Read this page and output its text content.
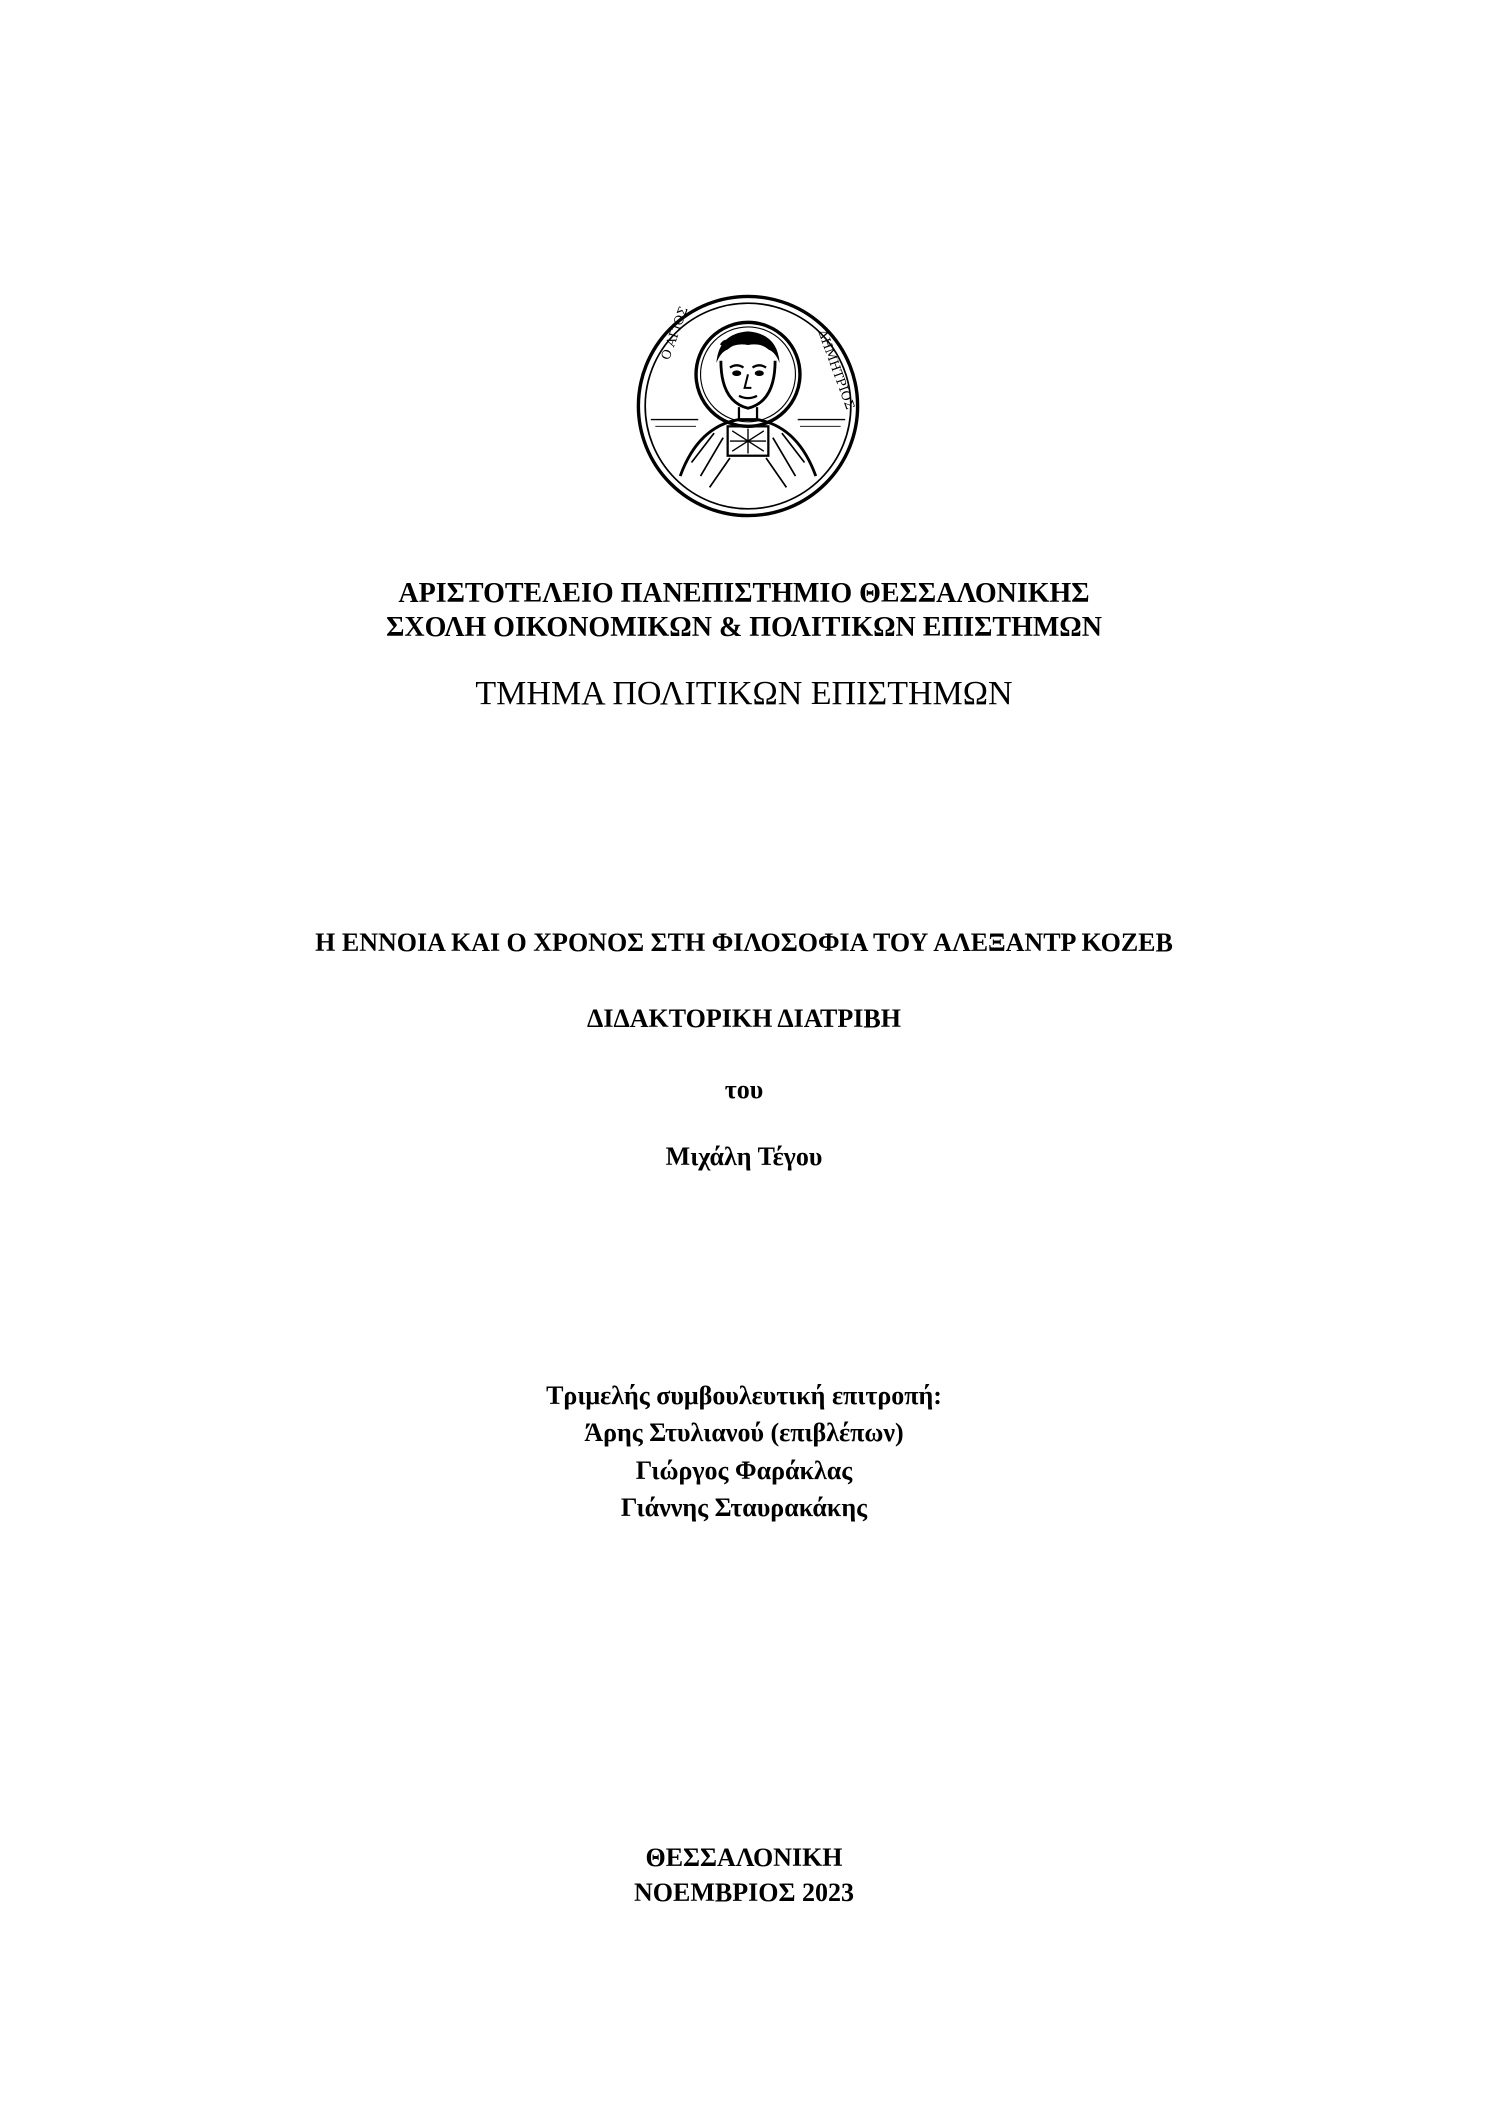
Ο ΑΓΙΟΣ	ΔΗΜΗΤΡΙΟΣ
ΑΡΙΣΤΟΤΕΛΕΙΟ ΠΑΝΕΠΙΣΤΗΜΙΟ ΘΕΣΣΑΛΟΝΙΚΗΣ
ΣΧΟΛΗ ΟΙΚΟΝΟΜΙΚΩΝ & ΠΟΛΙΤΙΚΩΝ ΕΠΙΣΤΗΜΩΝ
ΤΜΗΜΑ ΠΟΛΙΤΙΚΩΝ ΕΠΙΣΤΗΜΩΝ
Η ΕΝΝΟΙΑ ΚΑΙ Ο ΧΡΟΝΟΣ ΣΤΗ ΦΙΛΟΣΟΦΙΑ ΤΟΥ ΑΛΕΞΑΝΤΡ ΚΟΖΕΒ
ΔΙΔΑΚΤΟΡΙΚΗ ΔΙΑΤΡΙΒΗ
του
Μιχάλη Τέγου
Τριμελής συμβουλευτική επιτροπή:
Άρης Στυλιανού (επιβλέπων)
Γιώργος Φαράκλας
Γιάννης Σταυρακάκης
ΘΕΣΣΑΛΟΝΙΚΗ
ΝΟΕΜΒΡΙΟΣ 2023
